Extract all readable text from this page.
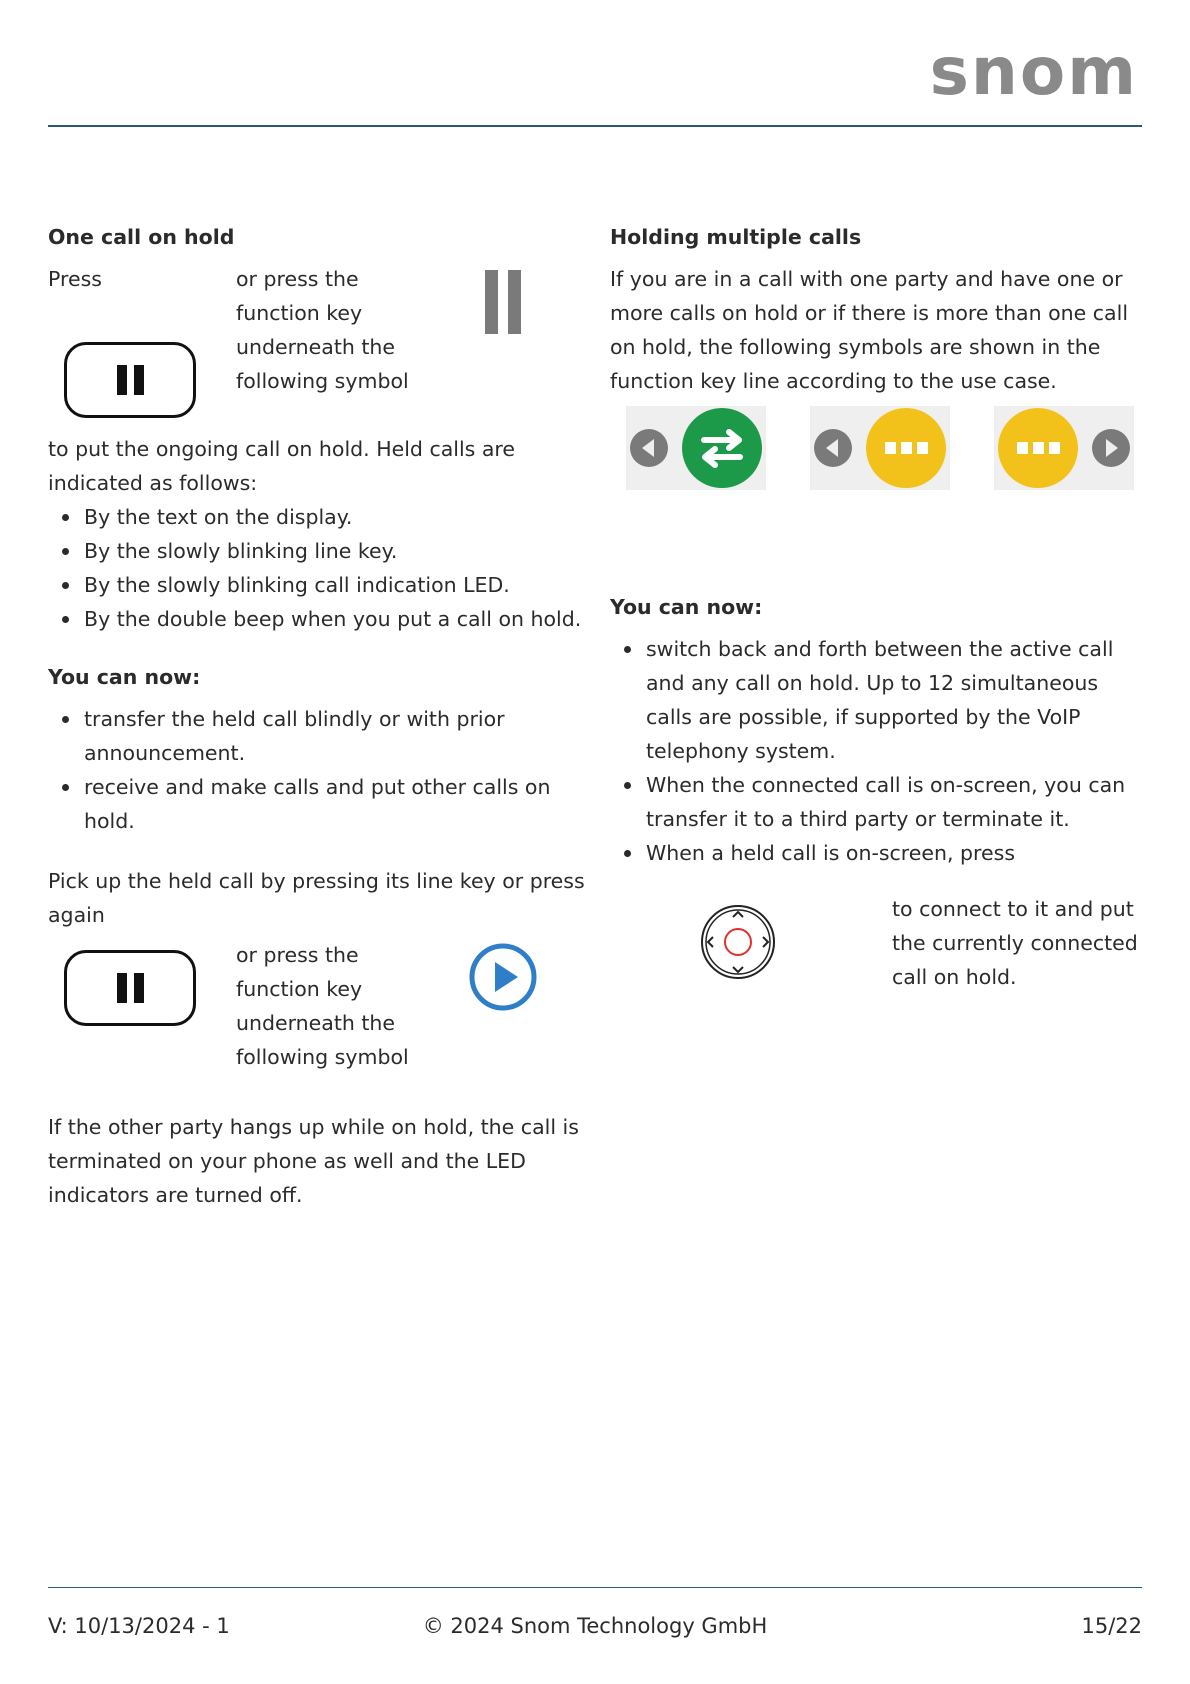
snom
One call on hold
Press	or press the function key underneath the following symbol

to put the ongoing call on hold. Held calls are indicated as follows:

By the text on the display.
By the slowly blinking line key.
By the slowly blinking call indication LED.
By the double beep when you put a call on hold.
You can now:
transfer the held call blindly or with prior announcement.
receive and make calls and put other calls on hold.

Pick up the held call by pressing its line key or press again

or press the function key underneath the following symbol

If the other party hangs up while on hold, the call is terminated on your phone as well and the LED indicators are turned off.

Holding multiple calls

If you are in a call with one party and have one or more calls on hold or if there is more than one call on hold, the following symbols are shown in the function key line according to the use case.

You can now:
switch back and forth between the active call and any call on hold. Up to 12 simultaneous calls are possible, if supported by the VoIP telephony system.
When the connected call is on-screen, you can transfer it to a third party or terminate it.
When a held call is on-screen, press
to connect to it and put the currently connected call on hold.
V: 10/13/2024 - 1	© 2024 Snom Technology GmbH	15/22
